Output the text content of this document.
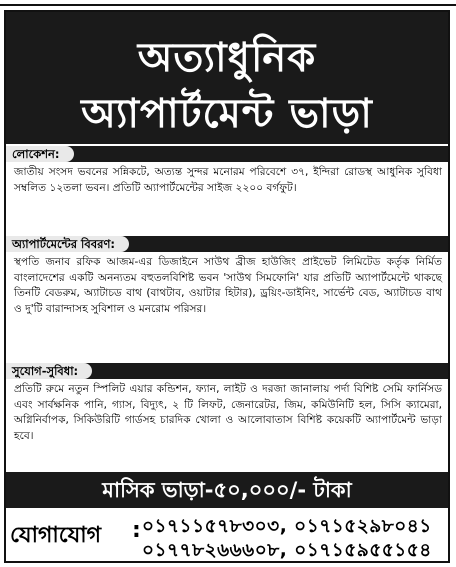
অত্যাধুনিক
অ্যাপার্টমেন্ট ভাড়া
লোকেশন:
জাতীয় সংসদ ভবনের সন্নিকটে, অত্যন্ত সুন্দর মনোরম পরিবেশে ৩৭, ইন্দিরা রোডস্থ আধুনিক সুবিধা সম্বলিত ১২তলা ভবন। প্রতিটি অ্যাপার্টমেন্টের সাইজ ২২০০ বর্গফুট।
অ্যাপার্টমেন্টের বিবরণ:
স্থপতি জনাব রফিক আজম-এর ডিজাইনে সাউথ ব্রীজ হাউজিং প্রাইভেট লিমিটেড কর্তৃক নির্মিত বাংলাদেশের একটি অনন্যতম বহুতলবিশিষ্ট ভবন 'সাউথ সিমফোনি' যার প্রতিটি অ্যাপার্টমেন্টে থাকছে তিনটি বেডরুম, অ্যাটাচড বাথ (বাথটাব, ওয়াটার হিটার), ড্রয়িং-ডাইনিং, সার্ভেন্ট বেড, অ্যাটাচড বাথ ও দু'টি বারান্দাসহ সুবিশাল ও মনরোম পরিসর।
সুযোগ-সুবিধা:
প্রতিটি রুমে নতুন স্পিলিট এয়ার কন্ডিশন, ফ্যান, লাইট ও দরজা জানালায় পর্দা বিশিষ্ট সেমি ফার্নিসড এবং সার্বক্ষনিক পানি, গ্যাস, বিদ্যুৎ, ২ টি লিফট, জেনারেটর, জিম, কমিউনিটি হল, সিসি ক্যামেরা, অগ্নিনির্বাপক, সিকিউরিটি গার্ডসহ চারদিক খোলা ও আলোবাতাস বিশিষ্ট কয়েকটি অ্যাপার্টমেন্ট ভাড়া হবে।
মাসিক ভাড়া-৫০,০০০/- টাকা
যোগাযোগ : ০১৭১১৫৭৮৩০৩, ০১৭১৫২৯৮০৪১
০১৭৭৮২৬৬৬০৮, ০১৭১৫৯৫৫১৫৪
